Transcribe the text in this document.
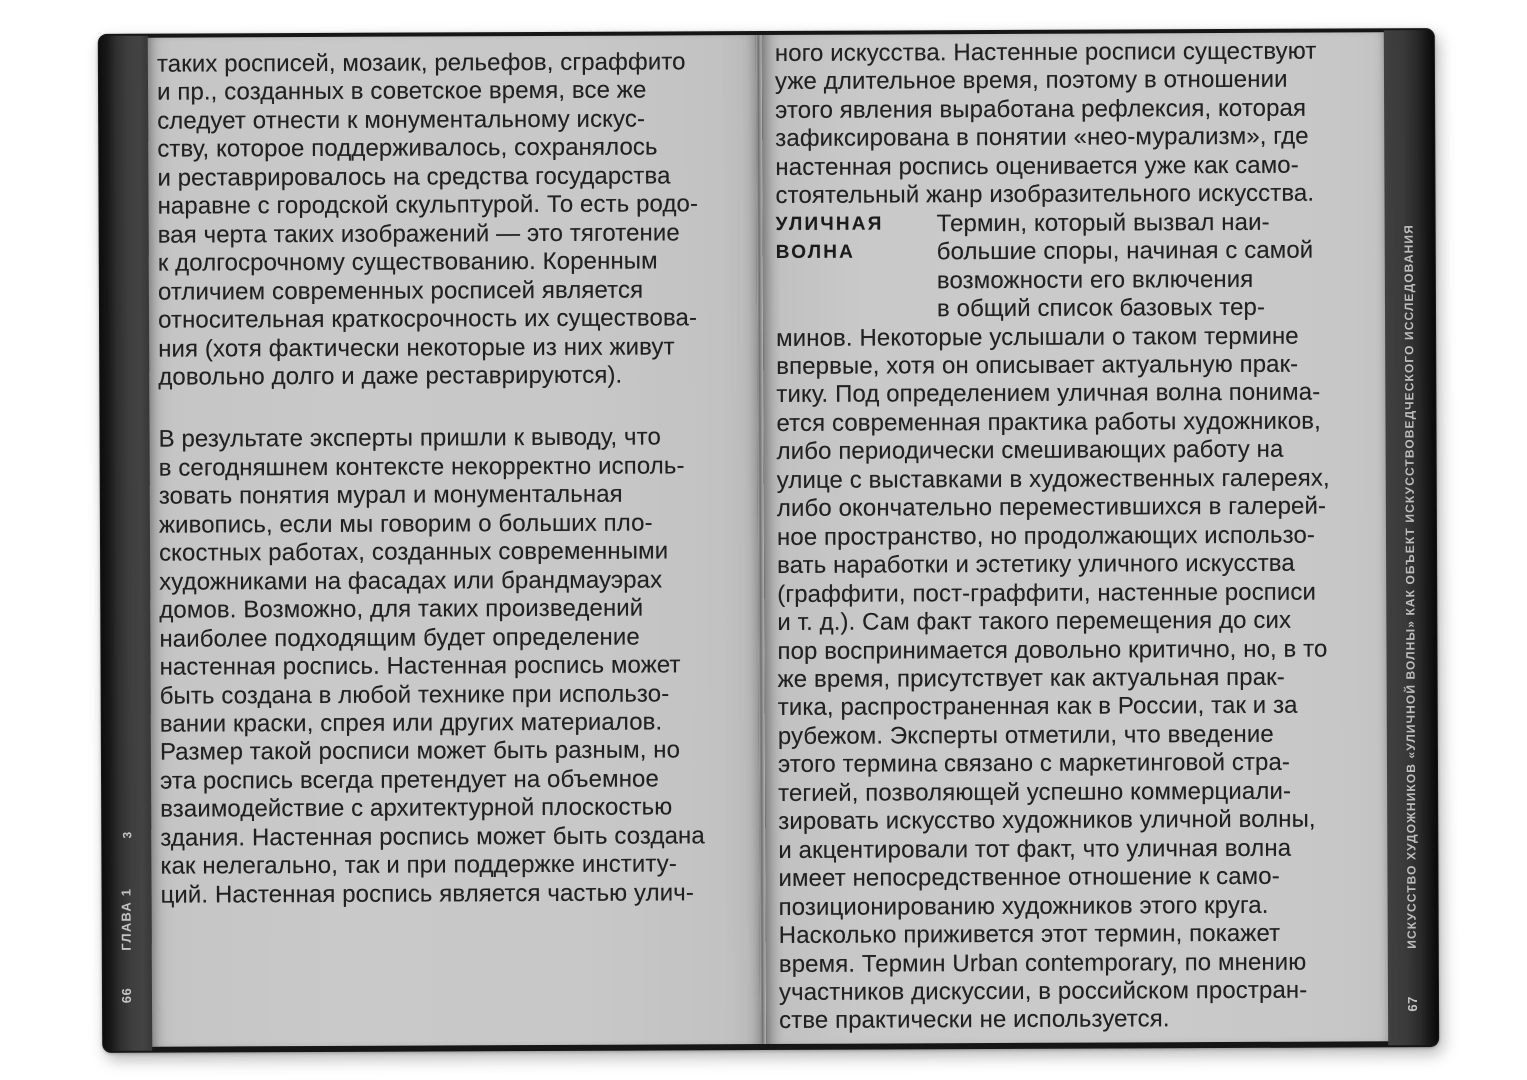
3
ГЛАВА 1
66
таких росписей, мозаик, рельефов, сграффито
и пр., созданных в советское время, все же
следует отнести к монументальному искус-
ству, которое поддерживалось, сохранялось
и реставрировалось на средства государства
наравне с городской скульптурой. То есть родо-
вая черта таких изображений — это тяготение
к долгосрочному существованию. Коренным
отличием современных росписей является
относительная краткосрочность их существова-
ния (хотя фактически некоторые из них живут
довольно долго и даже реставрируются).
В результате эксперты пришли к выводу, что
в сегодняшнем контексте некорректно исполь-
зовать понятия мурал и монументальная
живопись, если мы говорим о больших пло-
скостных работах, созданных современными
художниками на фасадах или брандмауэрах
домов. Возможно, для таких произведений
наиболее подходящим будет определение
настенная роспись. Настенная роспись может
быть создана в любой технике при использо-
вании краски, спрея или других материалов.
Размер такой росписи может быть разным, но
эта роспись всегда претендует на объемное
взаимодействие с архитектурной плоскостью
здания. Настенная роспись может быть создана
как нелегально, так и при поддержке институ-
ций. Настенная роспись является частью улич-
ного искусства. Настенные росписи существуют
уже длительное время, поэтому в отношении
этого явления выработана рефлексия, которая
зафиксирована в понятии «нео-мурализм», где
настенная роспись оценивается уже как само-
стоятельный жанр изобразительного искусства.
УЛИЧНАЯ
ВОЛНА
Термин, который вызвал наи-
большие споры, начиная с самой
возможности его включения
в общий список базовых тер-
минов. Некоторые услышали о таком термине
впервые, хотя он описывает актуальную прак-
тику. Под определением уличная волна понима-
ется современная практика работы художников,
либо периодически смешивающих работу на
улице с выставками в художественных галереях,
либо окончательно переместившихся в галерей-
ное пространство, но продолжающих использо-
вать наработки и эстетику уличного искусства
(граффити, пост-граффити, настенные росписи
и т. д.). Сам факт такого перемещения до сих
пор воспринимается довольно критично, но, в то
же время, присутствует как актуальная прак-
тика, распространенная как в России, так и за
рубежом. Эксперты отметили, что введение
этого термина связано с маркетинговой стра-
тегией, позволяющей успешно коммерциали-
зировать искусство художников уличной волны,
и акцентировали тот факт, что уличная волна
имеет непосредственное отношение к само-
позиционированию художников этого круга.
Насколько приживется этот термин, покажет
время. Термин Urban contemporary, по мнению
участников дискуссии, в российском простран-
стве практически не используется.
ИСКУССТВО ХУДОЖНИКОВ «УЛИЧНОЙ ВОЛНЫ» КАК ОБЪЕКТ ИСКУССТВОВЕДЧЕСКОГО ИССЛЕДОВАНИЯ
67
